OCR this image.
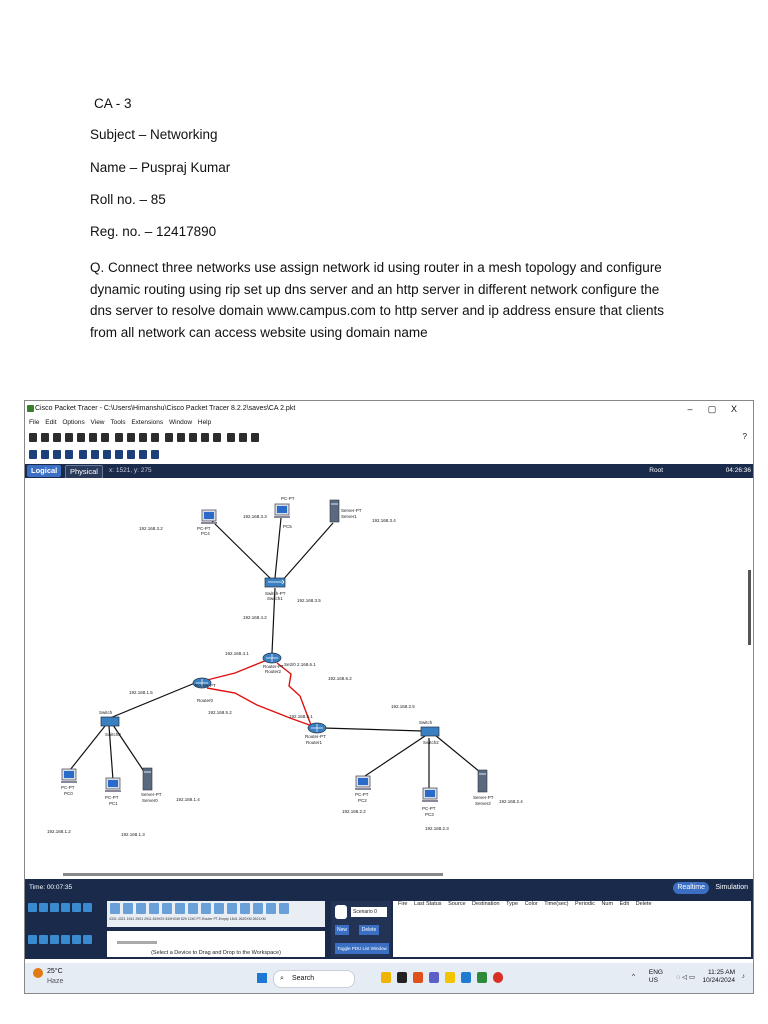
CA - 3
Subject – Networking
Name – Puspraj Kumar
Roll no. – 85
Reg. no. – 12417890
Q. Connect three networks use assign network id using router in a mesh topology and configure dynamic routing using rip set up dns server and an http server in different network configure the dns server to resolve domain www.campus.com to http server and ip address ensure that clients from all network can access website using domain name
Cisco Packet Tracer - C:\Users\Himanshu\Cisco Packet Tracer 8.2.2\saves\CA 2.pkt	– ▢ X
File Edit Options View Tools Extensions Window Help
?
Logical	Physical	x: 1521, y: 275	Root	04:26:36
PC-PT
PC4
PC-PT
PC5
Server-PT
Server1
Switch-PT
Switch1
Router-PT
Router2
Router-PT
Router0
Router-PT
Router1
Switch
Switch0
Switch
Switch2
PC-PT
PC0
PC-PT
PC1
Server-PT
Server0
PC-PT
PC2
PC-PT
PC3
Server-PT
Server2
192.168.3.2
192.168.3.3
192.168.3.4
192.168.3.5
192.168.4.2
192.168.4.1
Se2/0 2.168.6.1
192.168.6.2
192.168.1.5
192.168.5.2
192.168.2.5
192.168.5.1
192.168.1.4
192.168.1.2
192.168.1.3
192.168.2.2
192.168.2.3
192.168.2.4
Time: 00:07:35	Realtime	Simulation
4331 4321 1941 2901 2911 819IOX 819HGW 829 1240 PT-Router PT-Empty 1841 2620XM 2621XM
(Select a Device to Drag and Drop to the Workspace)
Scenario 0
New	Delete
Toggle PDU List Window
Fire Last Status Source Destination Type Color Time(sec) Periodic Num Edit Delete
25°C
Haze	⌕ Search	^
ENG
US	◌ ◁ ▭
11:25 AM
10/24/2024
♪
